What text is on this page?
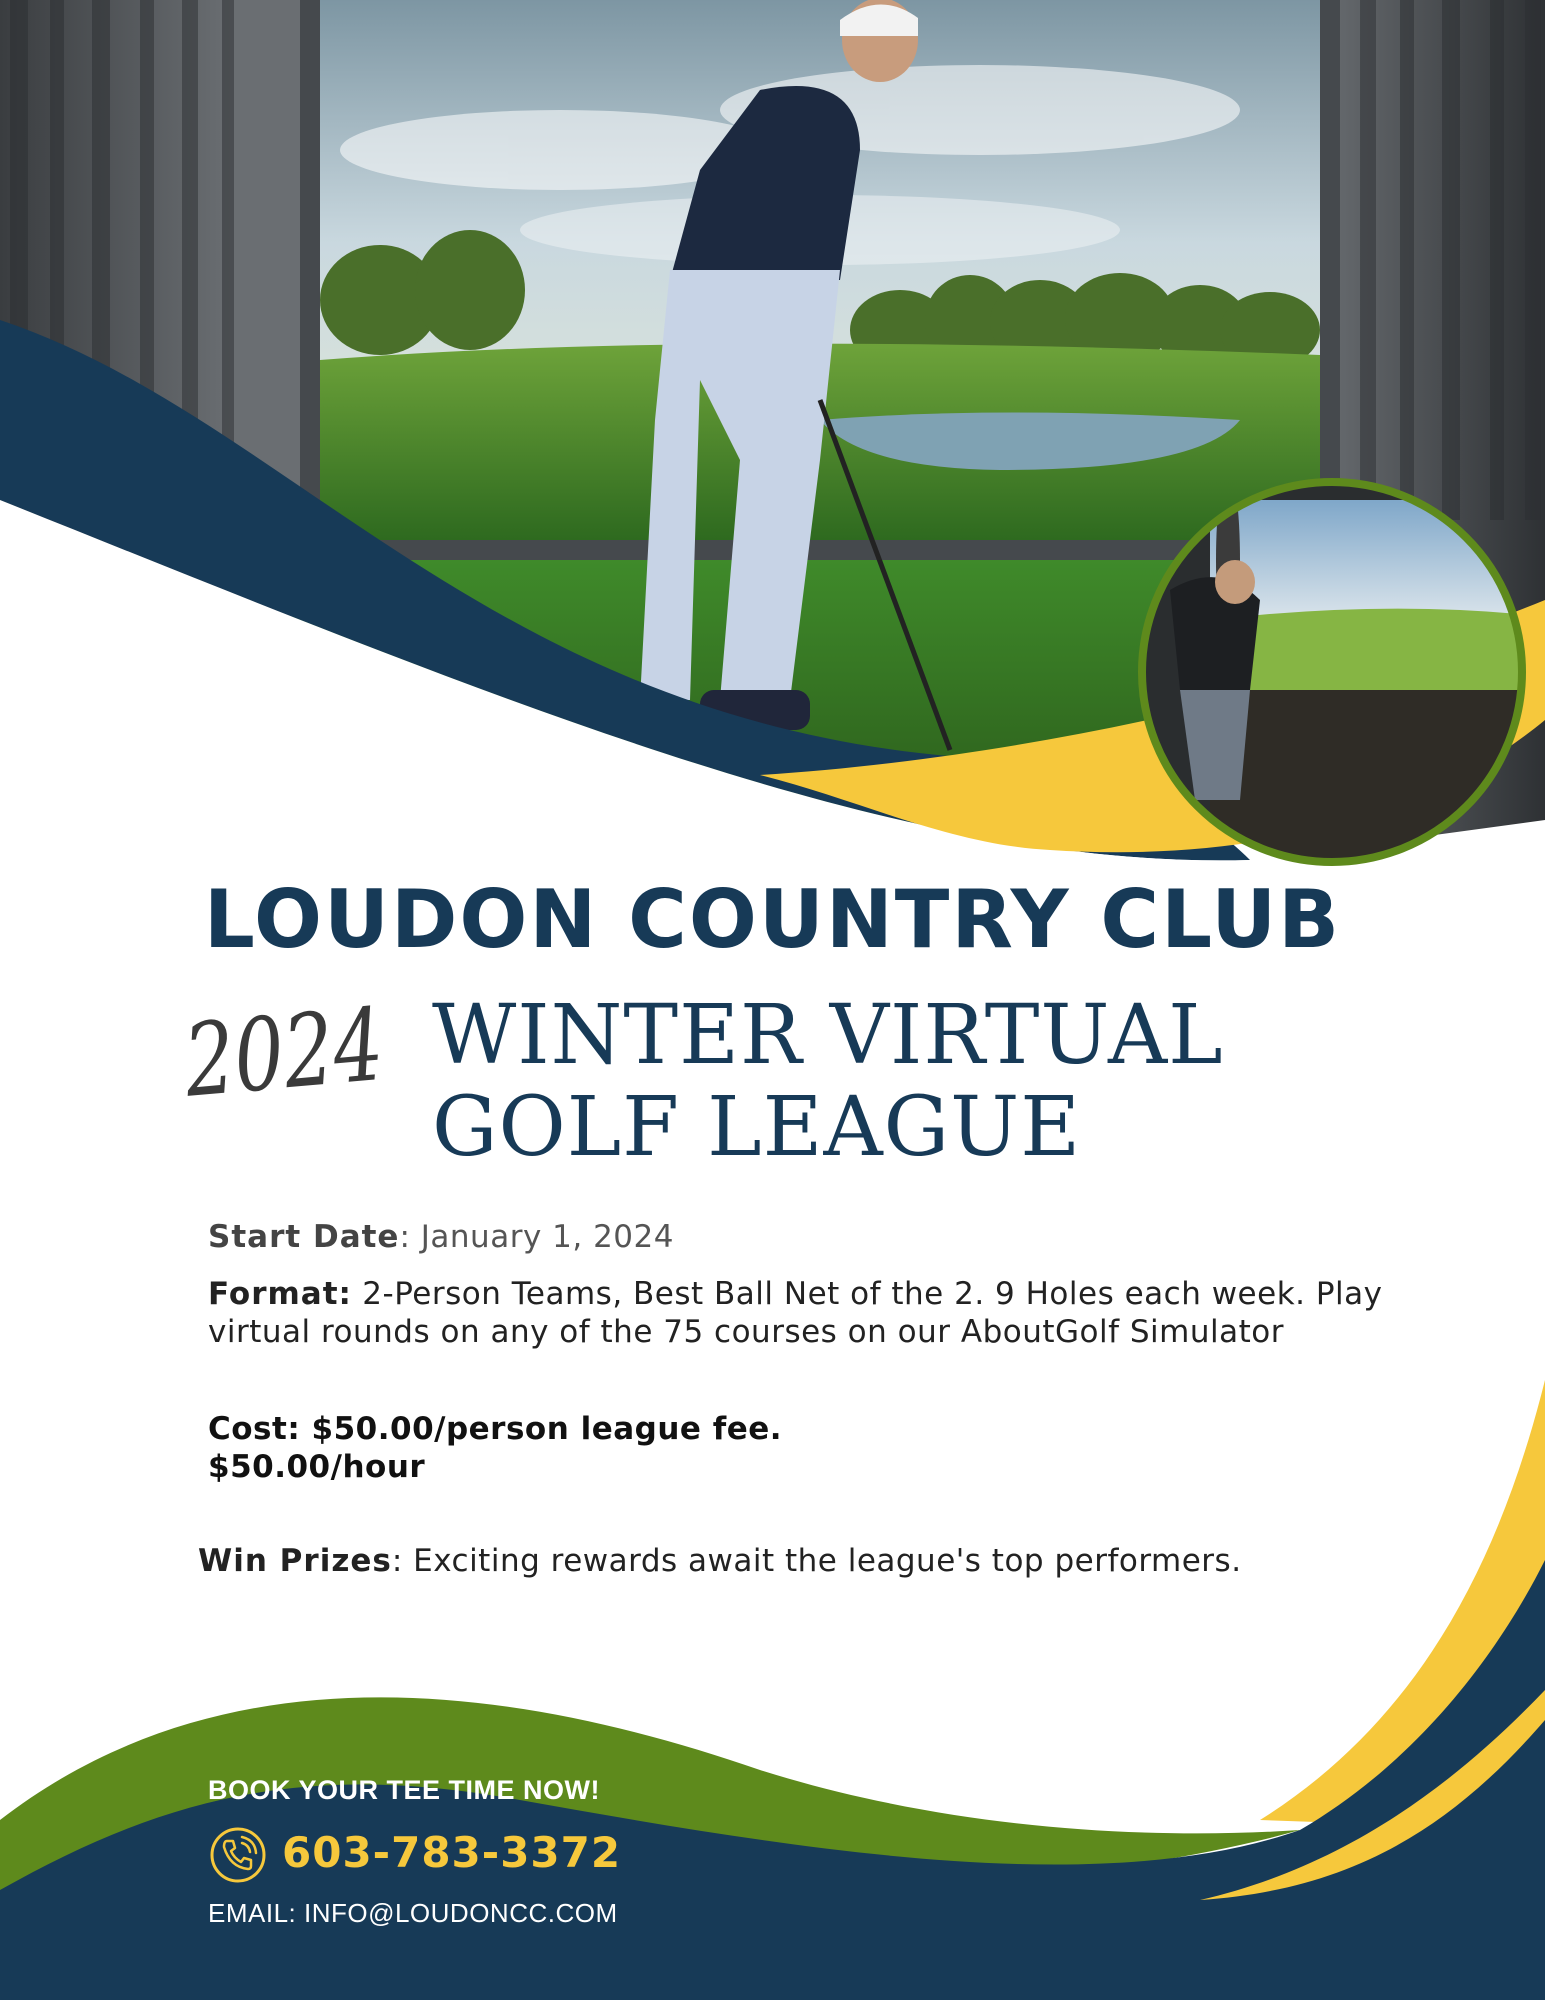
LOUDON COUNTRY CLUB
2024 WINTER VIRTUAL
GOLF LEAGUE
Start Date: January 1, 2024
Format: 2-Person Teams, Best Ball Net of the 2. 9 Holes each week. Play virtual rounds on any of the 75 courses on our AboutGolf Simulator
Cost: $50.00/person league fee.
$50.00/hour
Win Prizes: Exciting rewards await the league's top performers.
BOOK YOUR TEE TIME NOW!
603-783-3372
EMAIL: INFO@LOUDONCC.COM
